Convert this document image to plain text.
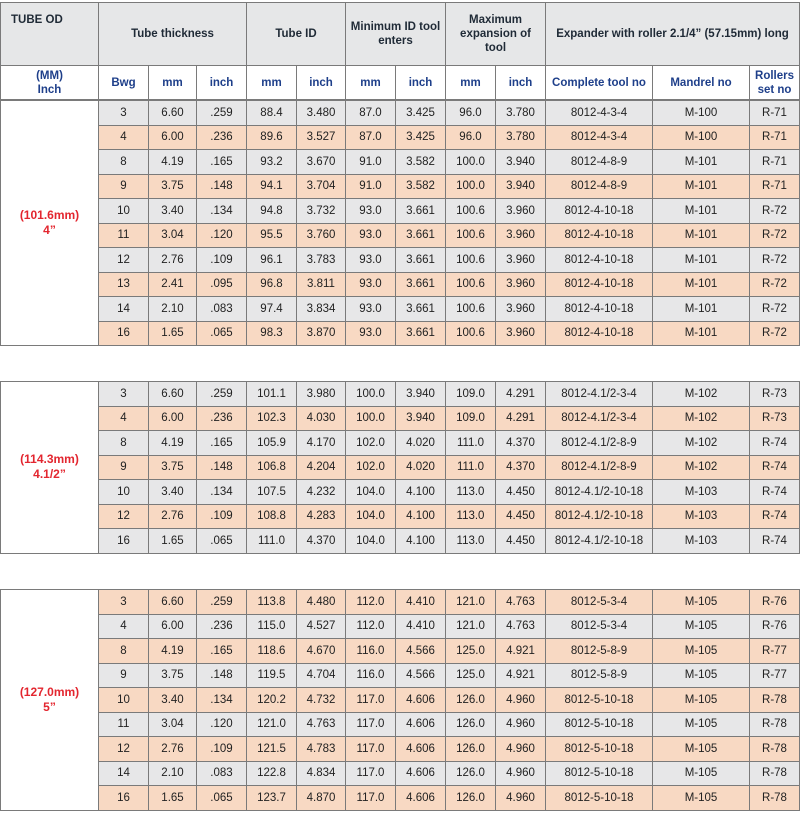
TUBE OD	Tube thickness			Tube ID		Minimum ID tool enters		Maximum expansion of tool		Expander with roller 2.1/4” (57.15mm) long		
(MM) Inch	Bwg	mm	inch	mm	inch	mm	inch	mm	inch	Complete tool no	Mandrel no	Rollers set no
(101.6mm)
4”	3	6.60	.259	88.4	3.480	87.0	3.425	96.0	3.780	8012-4-3-4	M-100	R-71
	4	6.00	.236	89.6	3.527	87.0	3.425	96.0	3.780	8012-4-3-4	M-100	R-71
	8	4.19	.165	93.2	3.670	91.0	3.582	100.0	3.940	8012-4-8-9	M-101	R-71
	9	3.75	.148	94.1	3.704	91.0	3.582	100.0	3.940	8012-4-8-9	M-101	R-71
	10	3.40	.134	94.8	3.732	93.0	3.661	100.6	3.960	8012-4-10-18	M-101	R-72
	11	3.04	.120	95.5	3.760	93.0	3.661	100.6	3.960	8012-4-10-18	M-101	R-72
	12	2.76	.109	96.1	3.783	93.0	3.661	100.6	3.960	8012-4-10-18	M-101	R-72
	13	2.41	.095	96.8	3.811	93.0	3.661	100.6	3.960	8012-4-10-18	M-101	R-72
	14	2.10	.083	97.4	3.834	93.0	3.661	100.6	3.960	8012-4-10-18	M-101	R-72
	16	1.65	.065	98.3	3.870	93.0	3.661	100.6	3.960	8012-4-10-18	M-101	R-72
(114.3mm)
4.1/2”	3	6.60	.259	101.1	3.980	100.0	3.940	109.0	4.291	8012-4.1/2-3-4	M-102	R-73
	4	6.00	.236	102.3	4.030	100.0	3.940	109.0	4.291	8012-4.1/2-3-4	M-102	R-73
	8	4.19	.165	105.9	4.170	102.0	4.020	111.0	4.370	8012-4.1/2-8-9	M-102	R-74
	9	3.75	.148	106.8	4.204	102.0	4.020	111.0	4.370	8012-4.1/2-8-9	M-102	R-74
	10	3.40	.134	107.5	4.232	104.0	4.100	113.0	4.450	8012-4.1/2-10-18	M-103	R-74
	12	2.76	.109	108.8	4.283	104.0	4.100	113.0	4.450	8012-4.1/2-10-18	M-103	R-74
	16	1.65	.065	111.0	4.370	104.0	4.100	113.0	4.450	8012-4.1/2-10-18	M-103	R-74
(127.0mm)
5”	3	6.60	.259	113.8	4.480	112.0	4.410	121.0	4.763	8012-5-3-4	M-105	R-76
	4	6.00	.236	115.0	4.527	112.0	4.410	121.0	4.763	8012-5-3-4	M-105	R-76
	8	4.19	.165	118.6	4.670	116.0	4.566	125.0	4.921	8012-5-8-9	M-105	R-77
	9	3.75	.148	119.5	4.704	116.0	4.566	125.0	4.921	8012-5-8-9	M-105	R-77
	10	3.40	.134	120.2	4.732	117.0	4.606	126.0	4.960	8012-5-10-18	M-105	R-78
	11	3.04	.120	121.0	4.763	117.0	4.606	126.0	4.960	8012-5-10-18	M-105	R-78
	12	2.76	.109	121.5	4.783	117.0	4.606	126.0	4.960	8012-5-10-18	M-105	R-78
	14	2.10	.083	122.8	4.834	117.0	4.606	126.0	4.960	8012-5-10-18	M-105	R-78
	16	1.65	.065	123.7	4.870	117.0	4.606	126.0	4.960	8012-5-10-18	M-105	R-78
